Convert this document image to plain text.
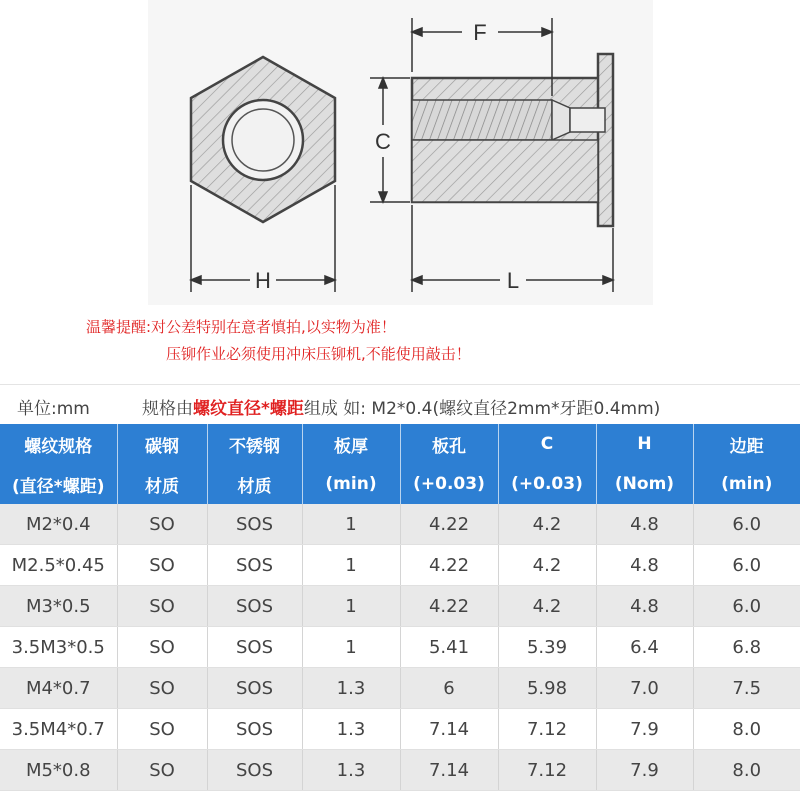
F
C
H	L
温馨提醒:对公差特别在意者慎拍,以实物为准！
压铆作业必须使用冲床压铆机,不能使用敲击！
单位:mm	规格由螺纹直径*螺距组成 如: M2*0.4(螺纹直径2mm*牙距0.4mm)
螺纹规格	碳钢	不锈钢	板厚	板孔	C	H	边距
(直径*螺距)	材质	材质	(min)	(+0.03)	(+0.03)	(Nom)	(min)
M2*0.4	SO	SOS	1	4.22	4.2	4.8	6.0
M2.5*0.45	SO	SOS	1	4.22	4.2	4.8	6.0
M3*0.5	SO	SOS	1	4.22	4.2	4.8	6.0
3.5M3*0.5	SO	SOS	1	5.41	5.39	6.4	6.8
M4*0.7	SO	SOS	1.3	6	5.98	7.0	7.5
3.5M4*0.7	SO	SOS	1.3	7.14	7.12	7.9	8.0
M5*0.8	SO	SOS	1.3	7.14	7.12	7.9	8.0
